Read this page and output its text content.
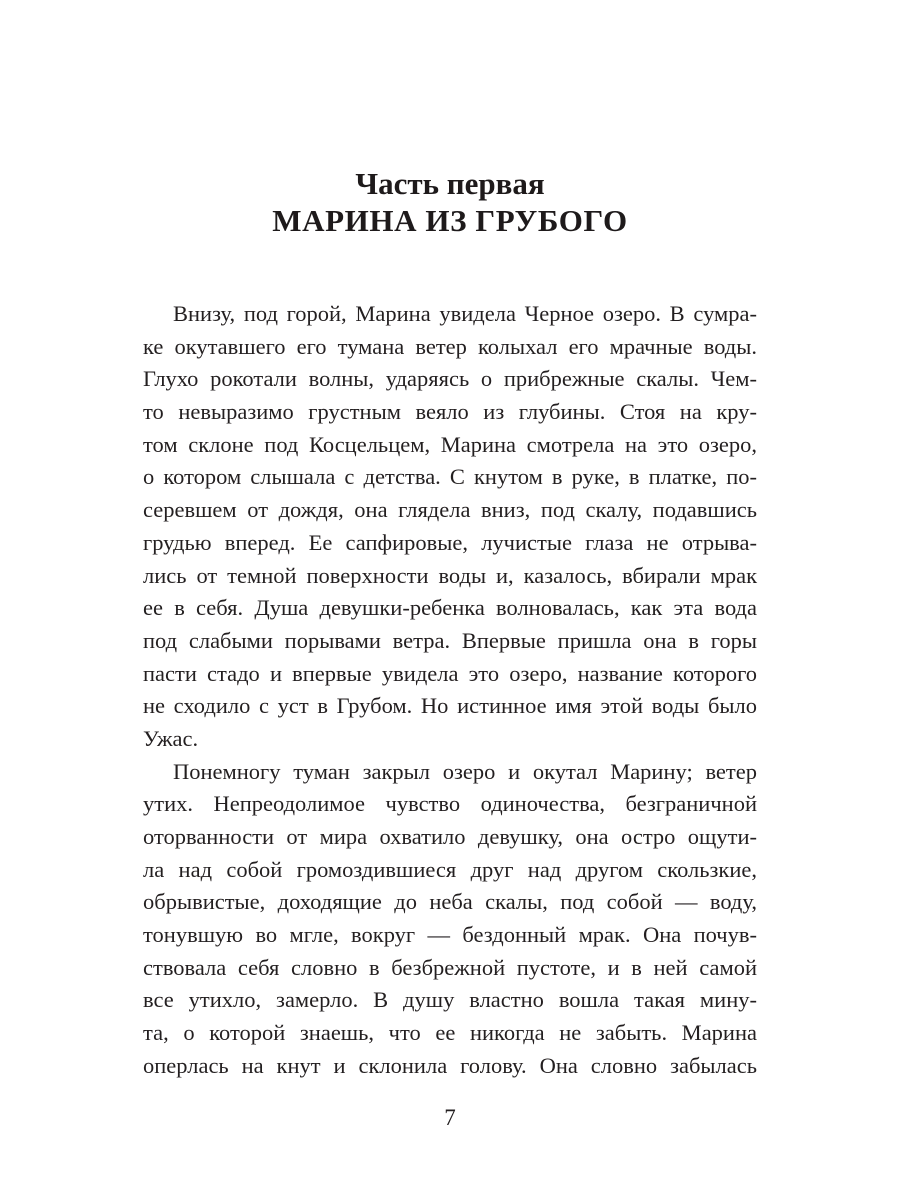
Часть первая
МАРИНА ИЗ ГРУБОГО
Внизу, под горой, Марина увидела Черное озеро. В сумра-
ке окутавшего его тумана ветер колыхал его мрачные воды.
Глухо рокотали волны, ударяясь о прибрежные скалы. Чем-
то невыразимо грустным веяло из глубины. Стоя на кру-
том склоне под Косцельцем, Марина смотрела на это озеро,
о котором слышала с детства. С кнутом в руке, в платке, по-
серевшем от дождя, она глядела вниз, под скалу, подавшись
грудью вперед. Ее сапфировые, лучистые глаза не отрыва-
лись от темной поверхности воды и, казалось, вбирали мрак
ее в себя. Душа девушки-ребенка волновалась, как эта вода
под слабыми порывами ветра. Впервые пришла она в горы
пасти стадо и впервые увидела это озеро, название которого
не сходило с уст в Грубом. Но истинное имя этой воды было
Ужас.
Понемногу туман закрыл озеро и окутал Марину; ветер
утих. Непреодолимое чувство одиночества, безграничной
оторванности от мира охватило девушку, она остро ощути-
ла над собой громоздившиеся друг над другом скользкие,
обрывистые, доходящие до неба скалы, под собой — воду,
тонувшую во мгле, вокруг — бездонный мрак. Она почув-
ствовала себя словно в безбрежной пустоте, и в ней самой
все утихло, замерло. В душу властно вошла такая мину-
та, о которой знаешь, что ее никогда не забыть. Марина
оперлась на кнут и склонила голову. Она словно забылась
7
